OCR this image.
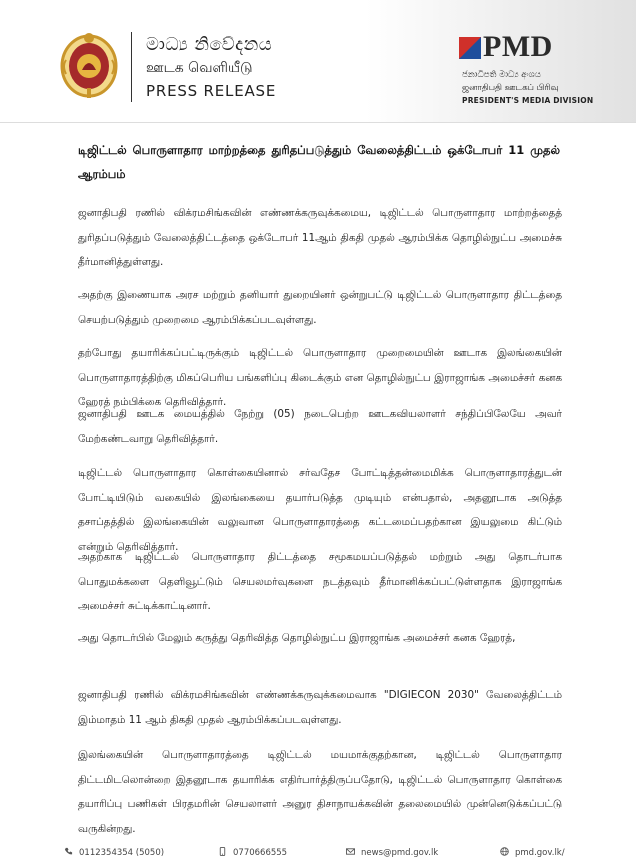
මාධ්‍ය නිවේදනය
ஊடக வெளியீடு
PRESS RELEASE
PMD
ජනාධිපති මාධ්‍ය අංශය
ஜனாதிபதி ஊடகப் பிரிவு
PRESIDENT'S MEDIA DIVISION
டிஜிட்டல் பொருளாதார மாற்றத்தை துரிதப்படுத்தும் வேலைத்திட்டம் ஒக்டோபர் 11 முதல் ஆரம்பம்

ஜனாதிபதி ரணில் விக்ரமசிங்கவின் எண்ணக்கருவுக்கமைய, டிஜிட்டல் பொருளாதார மாற்றத்தைத் துரிதப்படுத்தும் வேலைத்திட்டத்தை ஒக்டோபர் 11ஆம் திகதி முதல் ஆரம்பிக்க தொழில்நுட்ப அமைச்சு தீர்மானித்துள்ளது.

அதற்கு இணையாக அரச மற்றும் தனியார் துறையினர் ஒன்றுபட்டு டிஜிட்டல் பொருளாதார திட்டத்தை செயற்படுத்தும் முறைமை ஆரம்பிக்கப்படவுள்ளது.

தற்போது தயாரிக்கப்பட்டிருக்கும் டிஜிட்டல் பொருளாதார முறைமையின் ஊடாக இலங்கையின் பொருளாதாரத்திற்கு மிகப்பெரிய பங்களிப்பு கிடைக்கும் என தொழில்நுட்ப இராஜாங்க அமைச்சர் கனக ஹேரத் நம்பிக்கை தெரிவித்தார்.

ஜனாதிபதி ஊடக மையத்தில் நேற்று (05) நடைபெற்ற ஊடகவியலாளர் சந்திப்பிலேயே அவர் மேற்கண்டவாறு தெரிவித்தார்.

டிஜிட்டல் பொருளாதார கொள்கையினால் சர்வதேச போட்டித்தன்மைமிக்க பொருளாதாரத்துடன் போட்டியிடும் வகையில் இலங்கையை தயார்படுத்த முடியும் என்பதால், அதனூடாக அடுத்த தசாப்தத்தில் இலங்கையின் வலுவான பொருளாதாரத்தை கட்டமைப்பதற்கான இயலுமை கிட்டும் என்றும் தெரிவித்தார்.

அதற்காக டிஜிட்டல் பொருளாதார திட்டத்தை சமூகமயப்படுத்தல் மற்றும் அது தொடர்பாக பொதுமக்களை தெளிவூட்டும் செயலமர்வுகளை நடத்தவும் தீர்மானிக்கப்பட்டுள்ளதாக இராஜாங்க அமைச்சர் சுட்டிக்காட்டினார்.

அது தொடர்பில் மேலும் கருத்து தெரிவித்த தொழில்நுட்ப இராஜாங்க அமைச்சர் கனக ஹேரத்,

ஜனாதிபதி ரணில் விக்ரமசிங்கவின் எண்ணக்கருவுக்கமைவாக "DIGIECON 2030" வேலைத்திட்டம் இம்மாதம் 11 ஆம் திகதி முதல் ஆரம்பிக்கப்படவுள்ளது.

இலங்கையின் பொருளாதாரத்தை டிஜிட்டல் மயமாக்குதற்கான, டிஜிட்டல் பொருளாதார திட்டமிடலொன்றை இதனூடாக தயாரிக்க எதிர்பார்த்திருப்பதோடு, டிஜிட்டல் பொருளாதார கொள்கை தயாரிப்பு பணிகள் பிரதமரின் செயலாளர் அனுர திசாநாயக்கவின் தலைமையில் முன்னெடுக்கப்பட்டு வருகின்றது.

0112354354 (5050)	0770666555	news@pmd.gov.lk	pmd.gov.lk/
